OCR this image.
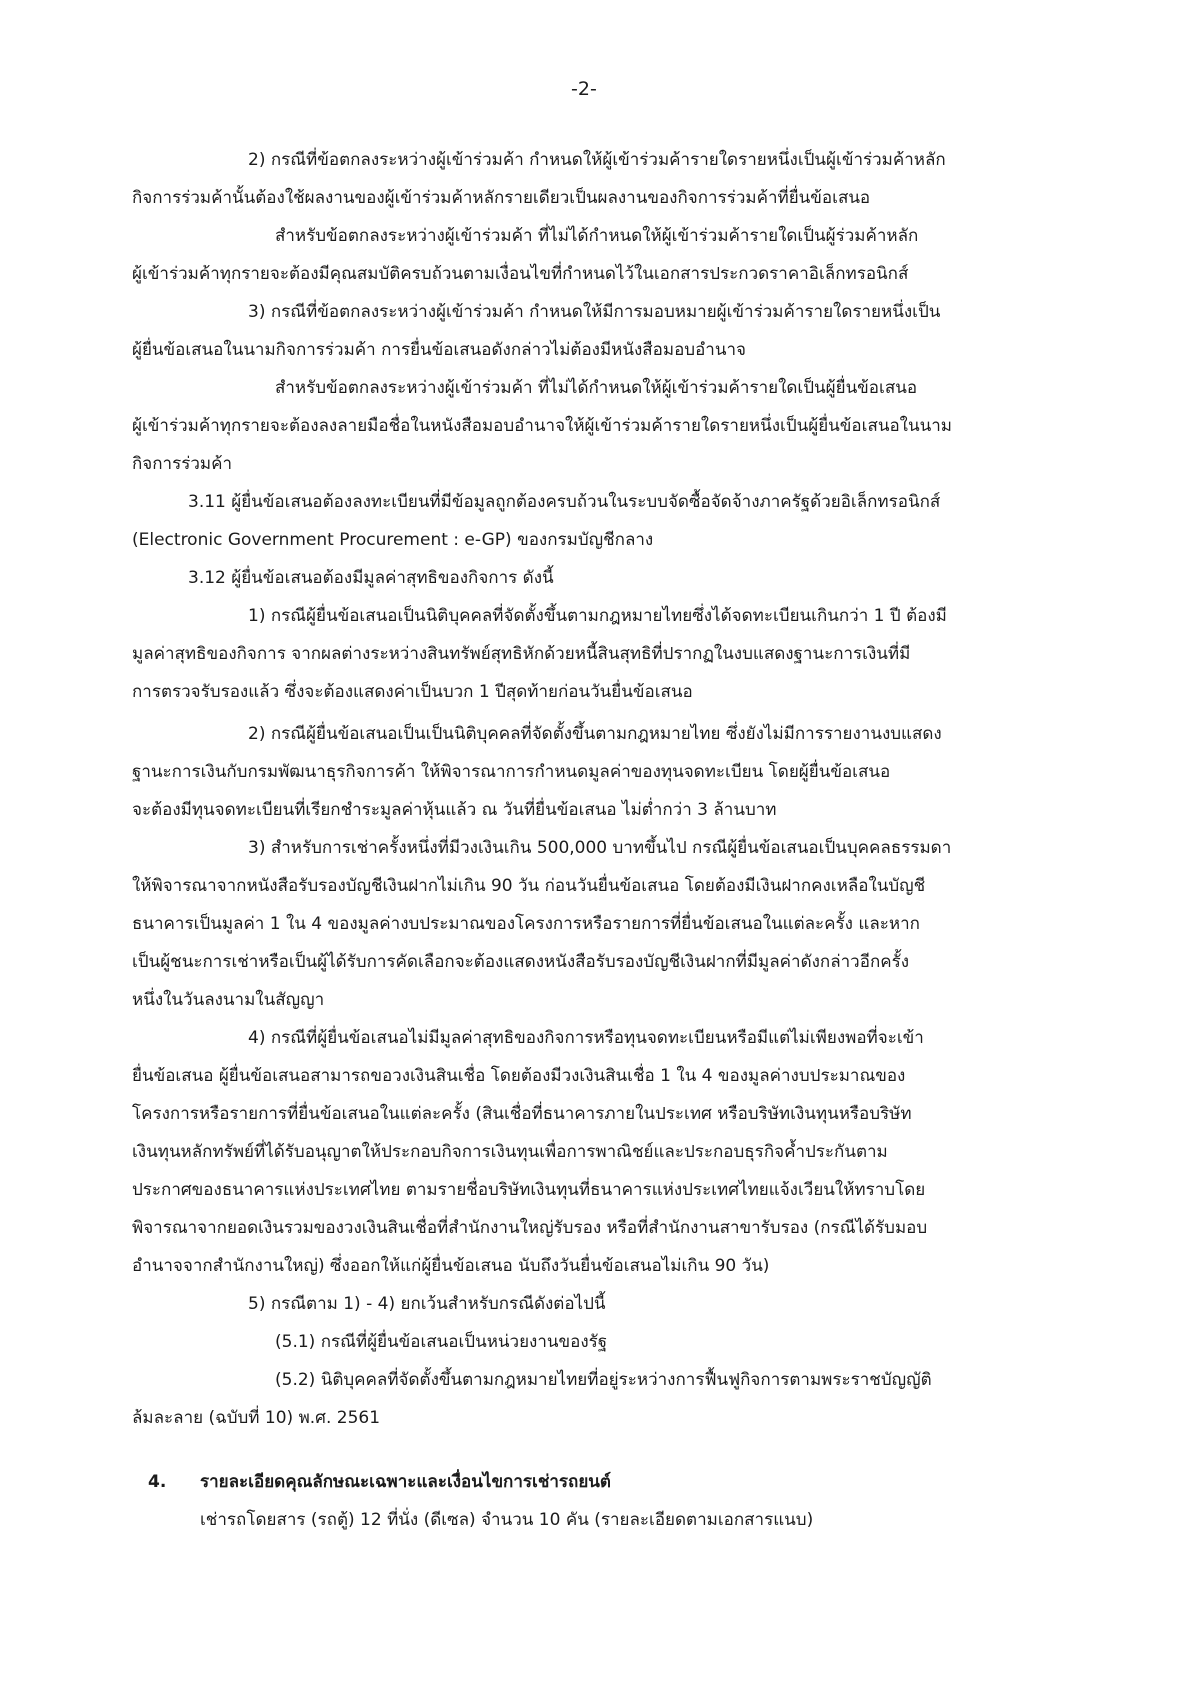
-2-
2) กรณีที่ข้อตกลงระหว่างผู้เข้าร่วมค้า กำหนดให้ผู้เข้าร่วมค้ารายใดรายหนึ่งเป็นผู้เข้าร่วมค้าหลัก
กิจการร่วมค้านั้นต้องใช้ผลงานของผู้เข้าร่วมค้าหลักรายเดียวเป็นผลงานของกิจการร่วมค้าที่ยื่นข้อเสนอ
สำหรับข้อตกลงระหว่างผู้เข้าร่วมค้า ที่ไม่ได้กำหนดให้ผู้เข้าร่วมค้ารายใดเป็นผู้ร่วมค้าหลัก
ผู้เข้าร่วมค้าทุกรายจะต้องมีคุณสมบัติครบถ้วนตามเงื่อนไขที่กำหนดไว้ในเอกสารประกวดราคาอิเล็กทรอนิกส์
3) กรณีที่ข้อตกลงระหว่างผู้เข้าร่วมค้า กำหนดให้มีการมอบหมายผู้เข้าร่วมค้ารายใดรายหนึ่งเป็น
ผู้ยื่นข้อเสนอในนามกิจการร่วมค้า การยื่นข้อเสนอดังกล่าวไม่ต้องมีหนังสือมอบอำนาจ
สำหรับข้อตกลงระหว่างผู้เข้าร่วมค้า ที่ไม่ได้กำหนดให้ผู้เข้าร่วมค้ารายใดเป็นผู้ยื่นข้อเสนอ
ผู้เข้าร่วมค้าทุกรายจะต้องลงลายมือชื่อในหนังสือมอบอำนาจให้ผู้เข้าร่วมค้ารายใดรายหนึ่งเป็นผู้ยื่นข้อเสนอในนาม
กิจการร่วมค้า
3.11 ผู้ยื่นข้อเสนอต้องลงทะเบียนที่มีข้อมูลถูกต้องครบถ้วนในระบบจัดซื้อจัดจ้างภาครัฐด้วยอิเล็กทรอนิกส์
(Electronic Government Procurement : e-GP) ของกรมบัญชีกลาง
3.12 ผู้ยื่นข้อเสนอต้องมีมูลค่าสุทธิของกิจการ ดังนี้
1) กรณีผู้ยื่นข้อเสนอเป็นนิติบุคคลที่จัดตั้งขึ้นตามกฎหมายไทยซึ่งได้จดทะเบียนเกินกว่า 1 ปี ต้องมี
มูลค่าสุทธิของกิจการ จากผลต่างระหว่างสินทรัพย์สุทธิหักด้วยหนี้สินสุทธิที่ปรากฏในงบแสดงฐานะการเงินที่มี
การตรวจรับรองแล้ว ซึ่งจะต้องแสดงค่าเป็นบวก 1 ปีสุดท้ายก่อนวันยื่นข้อเสนอ
2) กรณีผู้ยื่นข้อเสนอเป็นเป็นนิติบุคคลที่จัดตั้งขึ้นตามกฎหมายไทย ซึ่งยังไม่มีการรายงานงบแสดง
ฐานะการเงินกับกรมพัฒนาธุรกิจการค้า ให้พิจารณาการกำหนดมูลค่าของทุนจดทะเบียน โดยผู้ยื่นข้อเสนอ
จะต้องมีทุนจดทะเบียนที่เรียกชำระมูลค่าหุ้นแล้ว ณ วันที่ยื่นข้อเสนอ ไม่ต่ำกว่า 3 ล้านบาท
3) สำหรับการเช่าครั้งหนึ่งที่มีวงเงินเกิน 500,000 บาทขึ้นไป กรณีผู้ยื่นข้อเสนอเป็นบุคคลธรรมดา
ให้พิจารณาจากหนังสือรับรองบัญชีเงินฝากไม่เกิน 90 วัน ก่อนวันยื่นข้อเสนอ โดยต้องมีเงินฝากคงเหลือในบัญชี
ธนาคารเป็นมูลค่า 1 ใน 4 ของมูลค่างบประมาณของโครงการหรือรายการที่ยื่นข้อเสนอในแต่ละครั้ง และหาก
เป็นผู้ชนะการเช่าหรือเป็นผู้ได้รับการคัดเลือกจะต้องแสดงหนังสือรับรองบัญชีเงินฝากที่มีมูลค่าดังกล่าวอีกครั้ง
หนึ่งในวันลงนามในสัญญา
4) กรณีที่ผู้ยื่นข้อเสนอไม่มีมูลค่าสุทธิของกิจการหรือทุนจดทะเบียนหรือมีแต่ไม่เพียงพอที่จะเข้า
ยื่นข้อเสนอ ผู้ยื่นข้อเสนอสามารถขอวงเงินสินเชื่อ โดยต้องมีวงเงินสินเชื่อ 1 ใน 4 ของมูลค่างบประมาณของ
โครงการหรือรายการที่ยื่นข้อเสนอในแต่ละครั้ง (สินเชื่อที่ธนาคารภายในประเทศ หรือบริษัทเงินทุนหรือบริษัท
เงินทุนหลักทรัพย์ที่ได้รับอนุญาตให้ประกอบกิจการเงินทุนเพื่อการพาณิชย์และประกอบธุรกิจค้ำประกันตาม
ประกาศของธนาคารแห่งประเทศไทย ตามรายชื่อบริษัทเงินทุนที่ธนาคารแห่งประเทศไทยแจ้งเวียนให้ทราบโดย
พิจารณาจากยอดเงินรวมของวงเงินสินเชื่อที่สำนักงานใหญ่รับรอง หรือที่สำนักงานสาขารับรอง (กรณีได้รับมอบ
อำนาจจากสำนักงานใหญ่) ซึ่งออกให้แก่ผู้ยื่นข้อเสนอ นับถึงวันยื่นข้อเสนอไม่เกิน 90 วัน)
5) กรณีตาม 1) - 4) ยกเว้นสำหรับกรณีดังต่อไปนี้
(5.1) กรณีที่ผู้ยื่นข้อเสนอเป็นหน่วยงานของรัฐ
(5.2) นิติบุคคลที่จัดตั้งขึ้นตามกฎหมายไทยที่อยู่ระหว่างการฟื้นฟูกิจการตามพระราชบัญญัติ
ล้มละลาย (ฉบับที่ 10) พ.ศ. 2561
4. รายละเอียดคุณลักษณะเฉพาะและเงื่อนไขการเช่ารถยนต์
เช่ารถโดยสาร (รถตู้) 12 ที่นั่ง (ดีเซล) จำนวน 10 คัน (รายละเอียดตามเอกสารแนบ)
